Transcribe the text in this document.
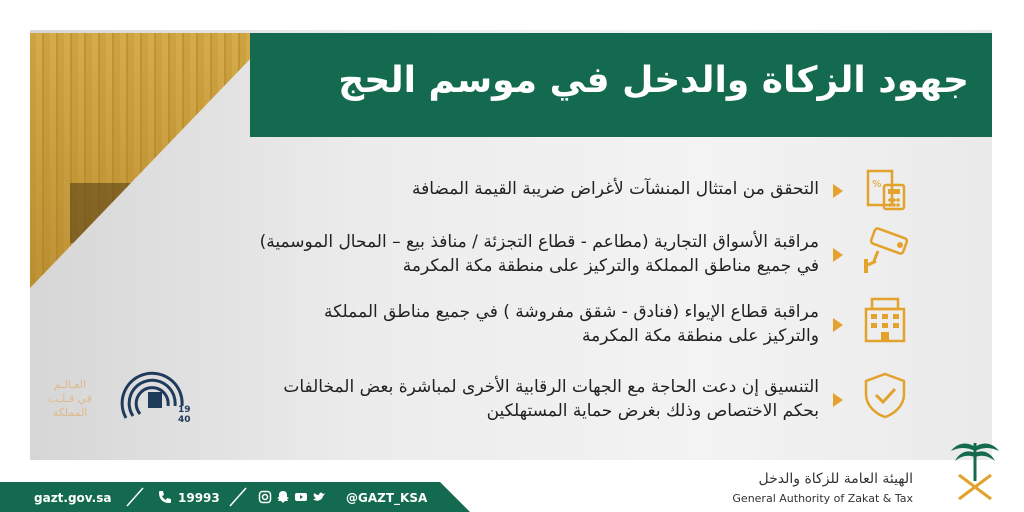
جهود الزكاة والدخل في موسم الحج
التحقق من امتثال المنشآت لأغراض ضريبة القيمة المضافة	%
مراقبة الأسواق التجارية (مطاعم - قطاع التجزئة / منافذ بيع – المحال الموسمية)
في جميع مناطق المملكة والتركيز على منطقة مكة المكرمة
مراقبة قطاع الإيواء (فنادق - شقق مفروشة ) في جميع مناطق المملكة
والتركيز على منطقة مكة المكرمة
التنسيق إن دعت الحاجة مع الجهات الرقابية الأخرى لمباشرة بعض المخالفات
بحكم الاختصاص وذلك بغرض حماية المستهلكين
19
40
العـالـم
في قـلـب
المملكة
gazt.gov.sa	19993	@GAZT_KSA
الهيئة العامة للزكاة والدخل
General Authority of Zakat & Tax
